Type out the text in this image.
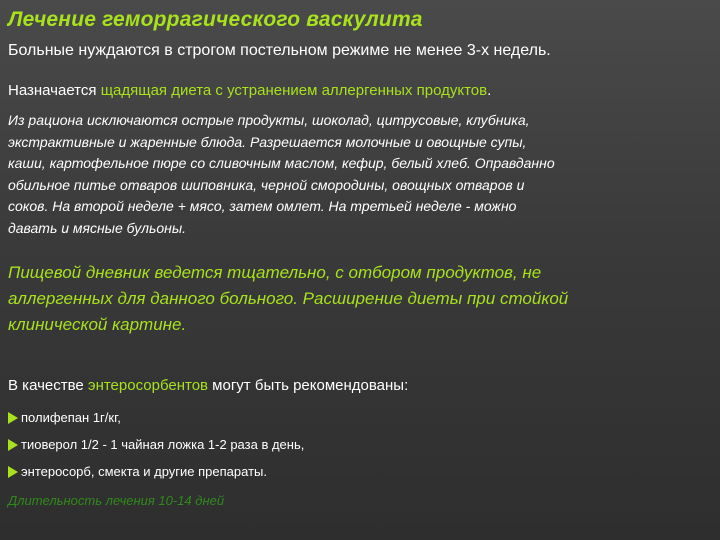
Лечение геморрагического васкулита

Больные нуждаются в строгом постельном режиме не менее 3-х недель.

Назначается щадящая диета с устранением аллергенных продуктов.

Из рациона исключаются острые продукты, шоколад, цитрусовые, клубника,
экстрактивные и жаренные блюда. Разрешается молочные и овощные супы,
каши, картофельное пюре со сливочным маслом, кефир, белый хлеб. Оправданно
обильное питье отваров шиповника, черной смородины, овощных отваров и
соков. На второй неделе + мясо, затем омлет. На третьей неделе - можно
давать и мясные бульоны.
Пищевой дневник ведется тщательно, с отбором продуктов, не
аллергенных для данного больного. Расширение диеты при стойкой
клинической картине.

В качестве энтеросорбентов могут быть рекомендованы:

полифепан 1г/кг,
тиоверол 1/2 - 1 чайная ложка 1-2 раза в день,
энтеросорб, смекта и другие препараты.

Длительность лечения 10-14 дней
